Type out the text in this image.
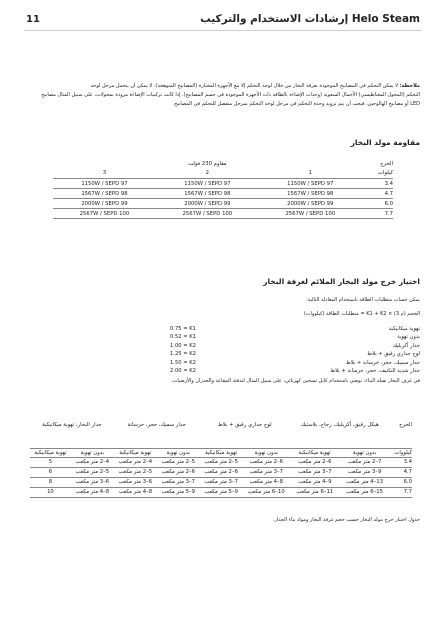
11	Helo Steam إرشادات الاستخدام والتركيب
ملاحظة: لا يمكن التحكم في المصابيح الموجودة بغرفة البخار من خلال لوحة التحكم إلا مع الأجهزة المختارة (المصابيح المتوهجة). لا يمكن أن يتحمل مرحل لوحة
التحكم (المحول المغناطيسي) الأحمال السعوية (وحدات الإضاءة بالطاقة ذات الأجهزة الموجودة في جسم المصابيح). إذا كانت تركيبات الإضاءة مزودة بمحولات، على سبيل المثال مصابيح
LED أو مصابيح الهالوجين، فيجب أن يتم تزويد وحدة التحكم في مرحل لوحة التحكم بمرحل منفصل للتحكم في المصابيح.
مقاومة مولد البخار
مقاوم 230 فولت			الخرج
3	2	1	كيلوات
1150W / SEPD 97	1150W / SEPD 97	1150W / SEPD 97	3.4
1567W / SEPD 98	1567W / SEPD 98	1567W / SEPD 98	4.7
2000W / SEPD 99	2000W / SEPD 99	2000W / SEPD 99	6.0
2567W / SEPD 100	2567W / SEPD 100	2567W / SEPD 100	7.7
اختيار خرج مولد البخار الملائم لغرفة البخار
يمكن حساب متطلبات الطاقة باستخدام المعادلة التالية:
الحجم (م 3) × K1 + K2 = متطلبات الطاقة (كيلووات)
0.75 = K1	تهوية ميكانيكية
0.52 = K1	بدون تهوية
1.00 = K2	جدار أكريليك
1.25 = K2	لوح جداري رقيق + بلاط
1.50 = K2	جدار سميك، حجر، خرسانة + بلاط
2.00 = K2	جدار شديد التكثيف، حجر، خرسانة + بلاط
في غرف البخار ثقيلة البناء، نوصي باستخدام كابل تسخين كهربائي، على سبيل المثال لتدفئة المقاعد والجدران والأرضيات.
جدار البخار، تهوية ميكانيكية		جدار سميك، حجر، خرسانة		لوح جداري رقيق + بلاط		هيكل رقيق، أكريليك، زجاج، بلاستيك		الخرج
تهوية ميكانيكية	بدون تهوية	تهوية ميكانيكية	بدون تهوية	تهوية ميكانيكية	بدون تهوية	تهوية ميكانيكية	بدون تهوية	كيلووات
5	4–2 متر مكعب	4–2 متر مكعب	5–2 متر مكعب	5–2 متر مكعب	6–2 متر مكعب	6–2 متر مكعب	7–2 متر مكعب	3.4
6	5–2 متر مكعب	5–2 متر مكعب	6–2 متر مكعب	6–2 متر مكعب	7–3 متر مكعب	7–3 متر مكعب	9–3 متر مكعب	4.7
8	6–3 متر مكعب	6–3 متر مكعب	7–3 متر مكعب	7–3 متر مكعب	8–4 متر مكعب	9–4 متر مكعب	13–4 متر مكعب	6.0
10	8–4 متر مكعب	8–4 متر مكعب	9–5 متر مكعب	9–5 متر مكعب	10–6 متر مكعب	11–6 متر مكعب	15–6 متر مكعب	7.7
جدول اختيار خرج مولد البخار حسب حجم غرفة البخار ومواد بناء الجدار.
